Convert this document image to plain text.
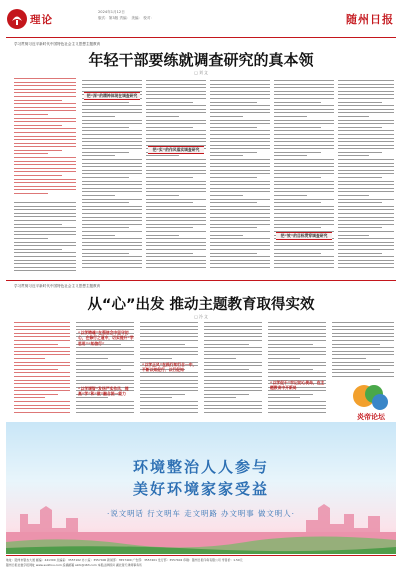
理论
2024年1月12日
版次：第3版 责编： 美编： 校对：	随州日报
学习贯彻习近平新时代中国特色社会主义思想主题教育
年轻干部要练就调查研究的真本领
□ 刘 文
把“深”的精神体现在调查研究
把“实”的作风落实调查研究
把“效”的目标贯穿调查研究
学习贯彻习近平新时代中国特色社会主义思想主题教育
从“心”出发 推动主题教育取得实效
□ 冷 文
“以学铸魂”在强信念中坚守初心，在修行之道中，切实提升“学思用”“知信行”
“以学增智”发扬严实作风，提高“学”和“做”融合统一能力
“以学正风”在践行知行合一中，不断以知促行、以行促知
“以学促干”牢记初心使命，在主题教育中开新局
炎帝论坛
环境整治人人参与
美好环境家家受益
·说文明话 行文明车 走文明路 办文明事 做文明人·
地址：随州市银杏大道 邮编：441300 总编室：3557102 办公室：3557400 新闻部：3557400 广告部：3557401 发行部：3557402 印刷：随州日报印务有限公司 零售价：1.50元
随州日报社数字报网址 www.suizhou.com 投稿邮箱 szrb@163.com 本报法律顾问 湖北楚天律师事务所
